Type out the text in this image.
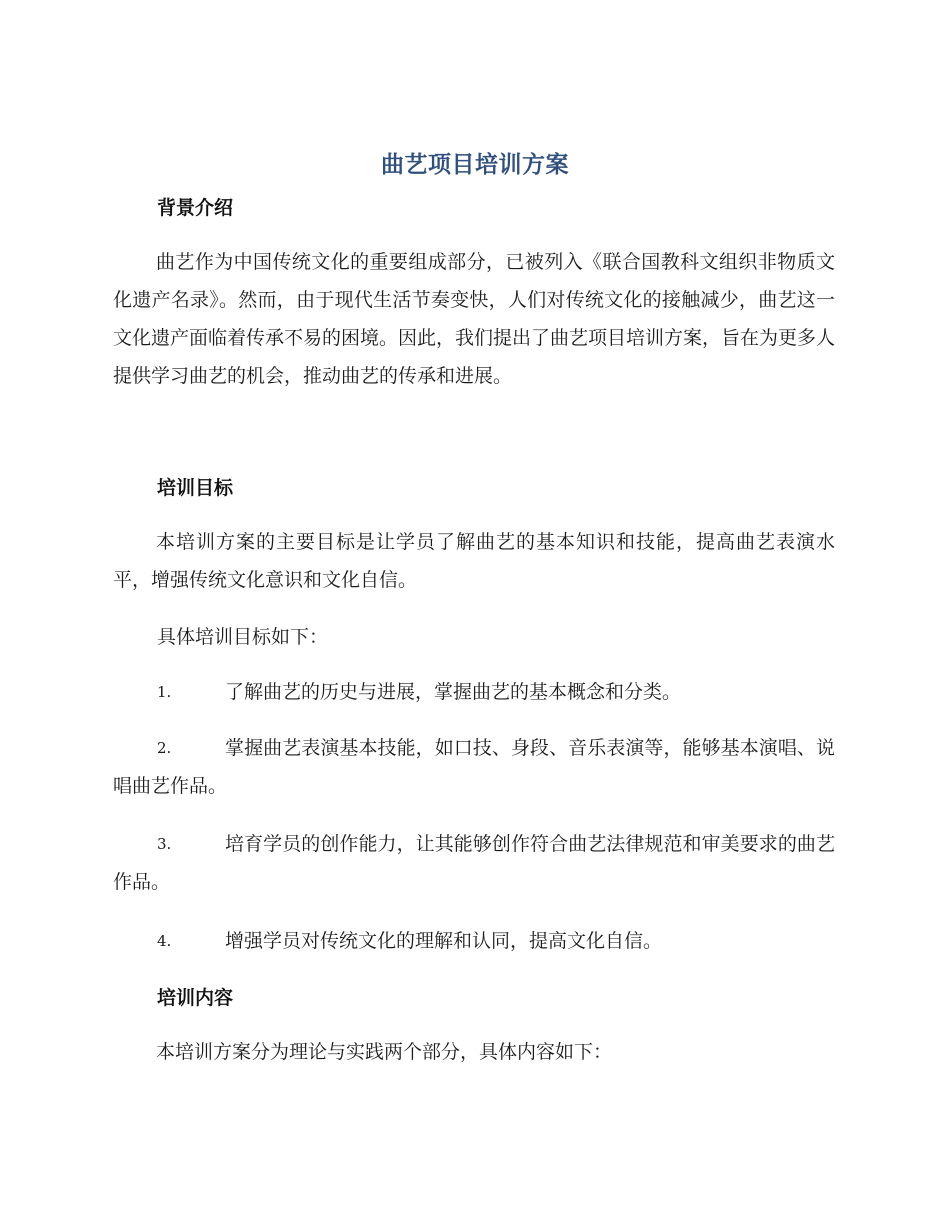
曲艺项目培训方案
背景介绍
曲艺作为中国传统文化的重要组成部分，已被列入《联合国教科文组织非物质文化遗产名录》。然而，由于现代生活节奏变快，人们对传统文化的接触减少，曲艺这一文化遗产面临着传承不易的困境。因此，我们提出了曲艺项目培训方案，旨在为更多人提供学习曲艺的机会，推动曲艺的传承和进展。
培训目标
本培训方案的主要目标是让学员了解曲艺的基本知识和技能，提高曲艺表演水平，增强传统文化意识和文化自信。
具体培训目标如下：
1.	了解曲艺的历史与进展，掌握曲艺的基本概念和分类。
2.	掌握曲艺表演基本技能，如口技、身段、音乐表演等，能够基本演唱、说唱曲艺作品。
3.	培育学员的创作能力，让其能够创作符合曲艺法律规范和审美要求的曲艺作品。
4.	增强学员对传统文化的理解和认同，提高文化自信。
培训内容
本培训方案分为理论与实践两个部分，具体内容如下：
